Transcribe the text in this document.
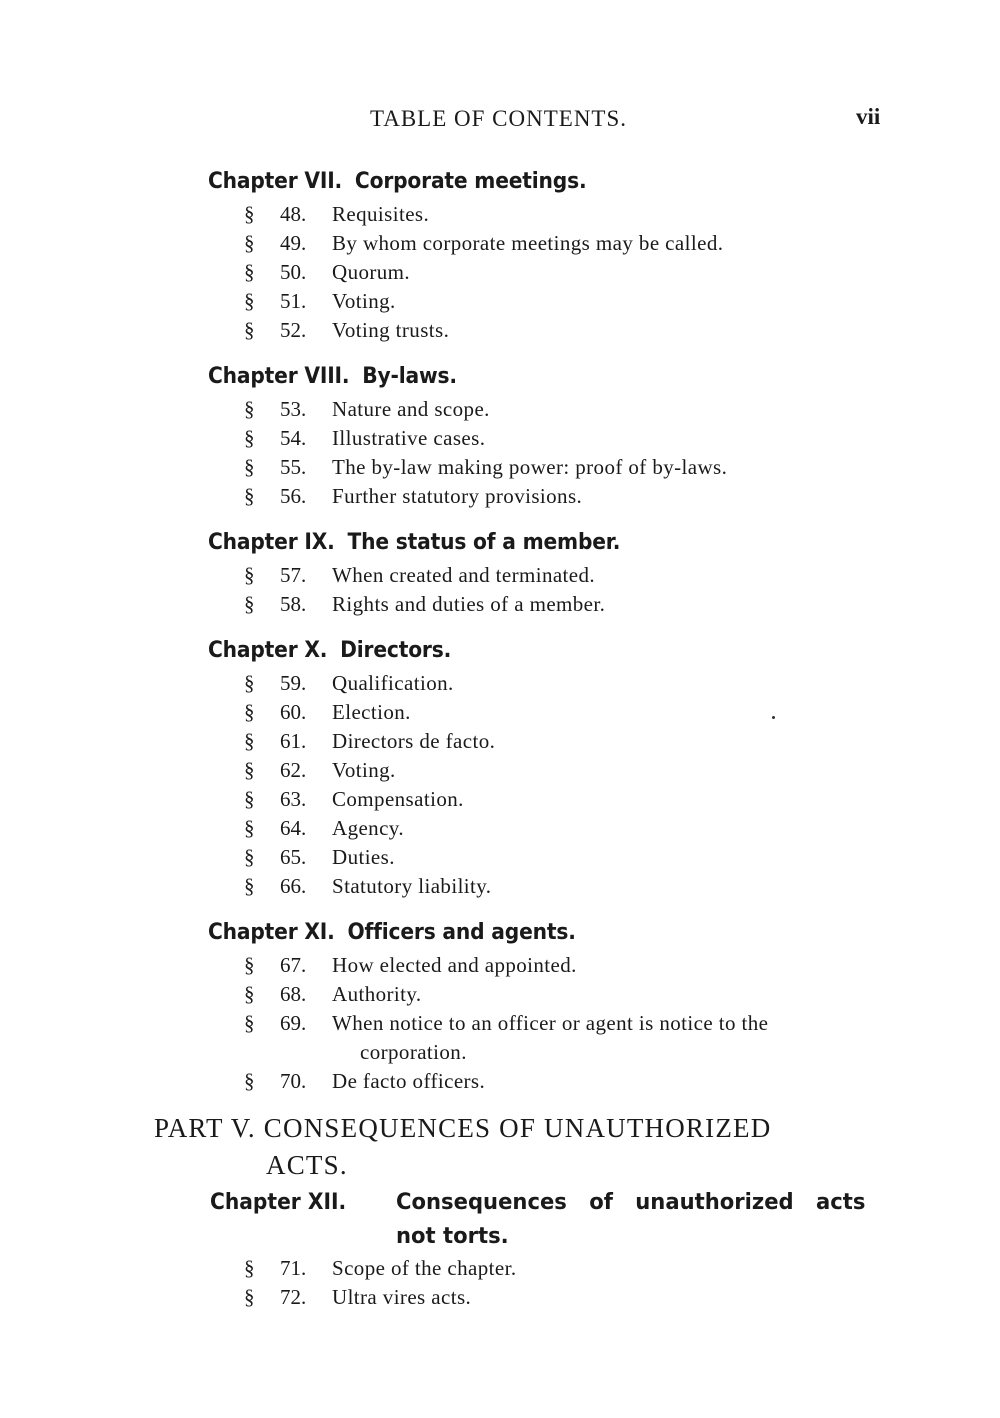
TABLE OF CONTENTS.	vii
Chapter VII. Corporate meetings.
§	48.	Requisites.
§	49.	By whom corporate meetings may be called.
§	50.	Quorum.
§	51.	Voting.
§	52.	Voting trusts.
Chapter VIII. By-laws.
§	53.	Nature and scope.
§	54.	Illustrative cases.
§	55.	The by-law making power: proof of by-laws.
§	56.	Further statutory provisions.
Chapter IX. The status of a member.
§	57.	When created and terminated.
§	58.	Rights and duties of a member.
Chapter X. Directors.
§	59.	Qualification.
§	60.	Election.
§	61.	Directors de facto.
§	62.	Voting.
§	63.	Compensation.
§	64.	Agency.
§	65.	Duties.
§	66.	Statutory liability.
Chapter XI. Officers and agents.
§	67.	How elected and appointed.
§	68.	Authority.
§	69.	When notice to an officer or agent is notice to the
corporation.
§	70.	De facto officers.
PART V. CONSEQUENCES OF UNAUTHORIZED
ACTS.
Chapter XII.	Consequences of unauthorized acts not torts.
§	71.	Scope of the chapter.
§	72.	Ultra vires acts.
